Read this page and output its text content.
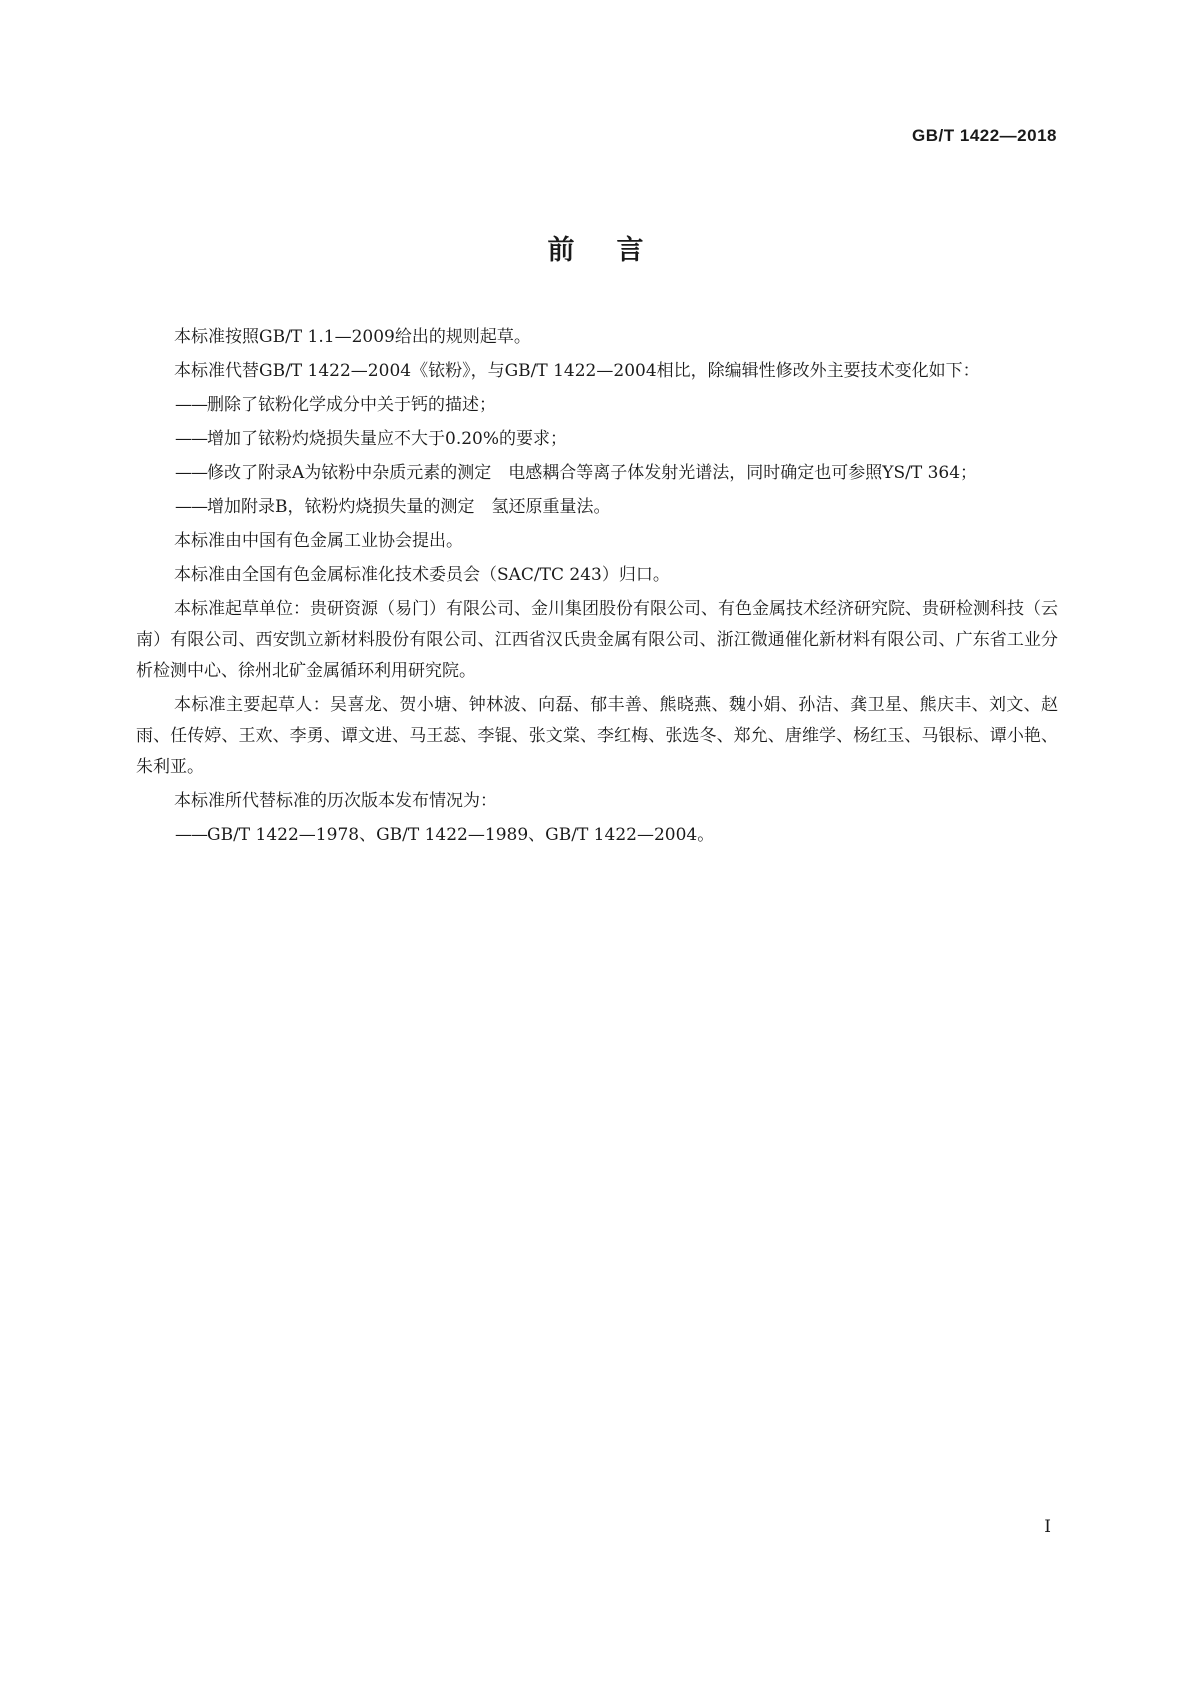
GB/T 1422—2018
前言

本标准按照GB/T 1.1—2009给出的规则起草。

本标准代替GB/T 1422—2004《铱粉》，与GB/T 1422—2004相比，除编辑性修改外主要技术变化如下：

——删除了铱粉化学成分中关于钙的描述；

——增加了铱粉灼烧损失量应不大于0.20%的要求；

——修改了附录A为铱粉中杂质元素的测定　电感耦合等离子体发射光谱法，同时确定也可参照YS/T 364；

——增加附录B，铱粉灼烧损失量的测定　氢还原重量法。

本标准由中国有色金属工业协会提出。

本标准由全国有色金属标准化技术委员会（SAC/TC 243）归口。

本标准起草单位：贵研资源（易门）有限公司、金川集团股份有限公司、有色金属技术经济研究院、贵研检测科技（云南）有限公司、西安凯立新材料股份有限公司、江西省汉氏贵金属有限公司、浙江微通催化新材料有限公司、广东省工业分析检测中心、徐州北矿金属循环利用研究院。

本标准主要起草人：吴喜龙、贺小塘、钟林波、向磊、郁丰善、熊晓燕、魏小娟、孙洁、龚卫星、熊庆丰、刘文、赵雨、任传婷、王欢、李勇、谭文进、马王蕊、李锟、张文棠、李红梅、张选冬、郑允、唐维学、杨红玉、马银标、谭小艳、朱利亚。

本标准所代替标准的历次版本发布情况为：

——GB/T 1422—1978、GB/T 1422—1989、GB/T 1422—2004。

I
